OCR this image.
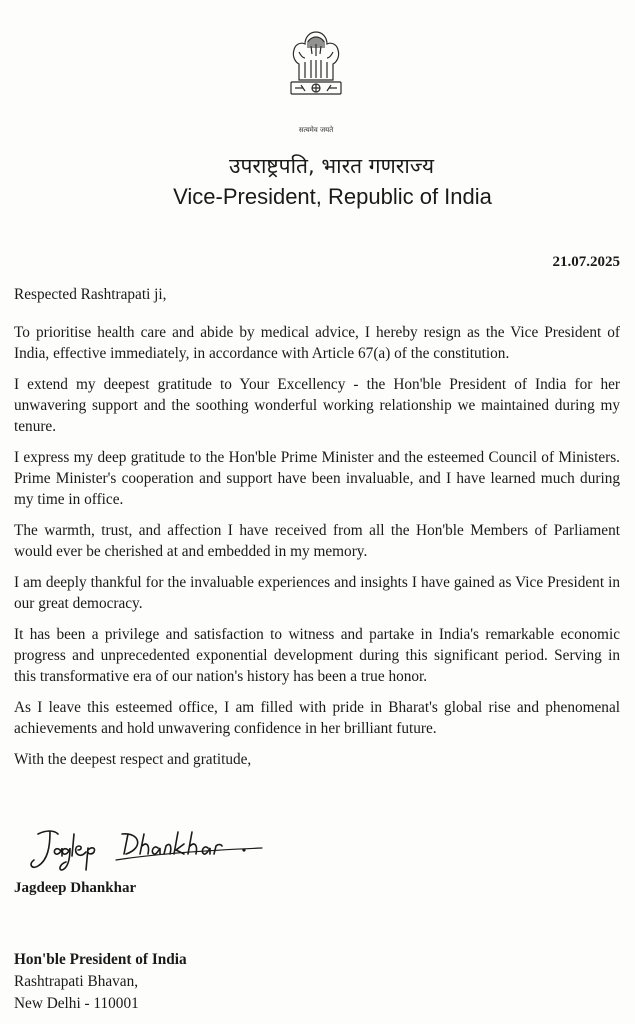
सत्यमेव जयते
उपराष्ट्रपति, भारत गणराज्य
Vice-President, Republic of India
21.07.2025

Respected Rashtrapati ji,

To prioritise health care and abide by medical advice, I hereby resign as the Vice President of India, effective immediately, in accordance with Article 67(a) of the constitution.

I extend my deepest gratitude to Your Excellency - the Hon'ble President of India for her unwavering support and the soothing wonderful working relationship we maintained during my tenure.

I express my deep gratitude to the Hon'ble Prime Minister and the esteemed Council of Ministers. Prime Minister's cooperation and support have been invaluable, and I have learned much during my time in office.

The warmth, trust, and affection I have received from all the Hon'ble Members of Parliament would ever be cherished at and embedded in my memory.

I am deeply thankful for the invaluable experiences and insights I have gained as Vice President in our great democracy.

It has been a privilege and satisfaction to witness and partake in India's remarkable economic progress and unprecedented exponential development during this significant period. Serving in this transformative era of our nation's history has been a true honor.

As I leave this esteemed office, I am filled with pride in Bharat's global rise and phenomenal achievements and hold unwavering confidence in her brilliant future.

With the deepest respect and gratitude,

Jagdeep Dhankhar
Hon'ble President of India
Rashtrapati Bhavan,
New Delhi - 110001
